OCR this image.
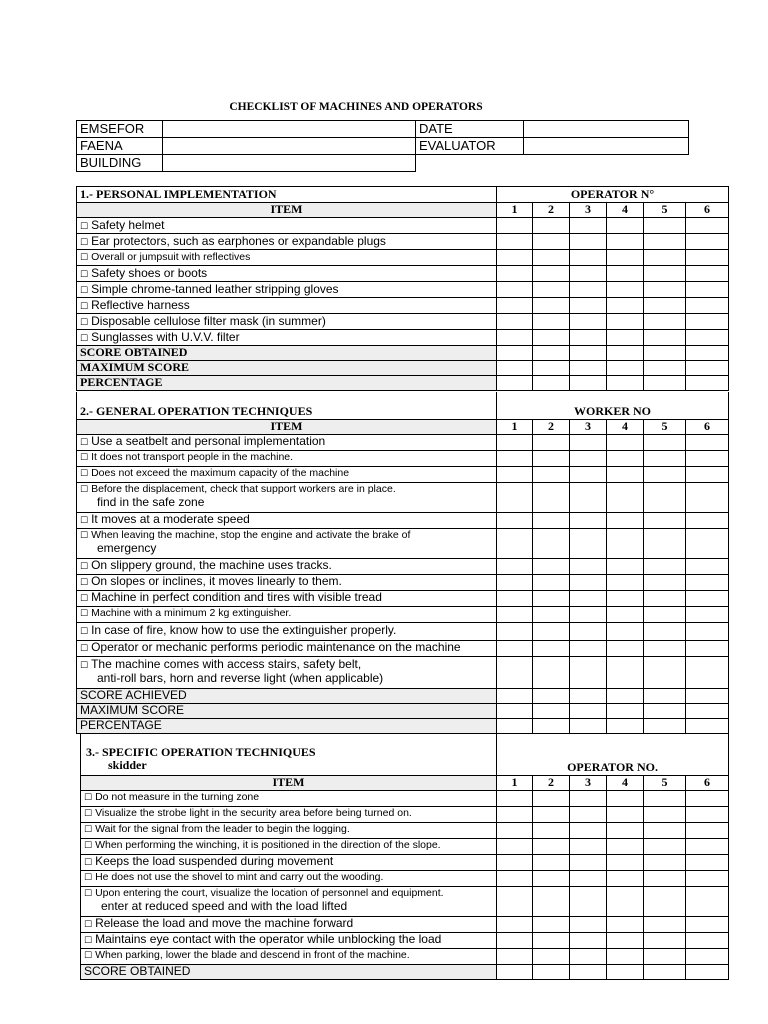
CHECKLIST OF MACHINES AND OPERATORS
EMSEFOR		DATE	
FAENA		EVALUATOR	
BUILDING			
1.- PERSONAL IMPLEMENTATION	OPERATOR N°					
ITEM	1	2	3	4	5	6
☐ Safety helmet						
☐ Ear protectors, such as earphones or expandable plugs						
☐ Overall or jumpsuit with reflectives						
☐ Safety shoes or boots						
☐ Simple chrome-tanned leather stripping gloves						
☐ Reflective harness						
☐ Disposable cellulose filter mask (in summer)						
☐ Sunglasses with U.V.V. filter						
SCORE OBTAINED						
MAXIMUM SCORE						
PERCENTAGE						
2.- GENERAL OPERATION TECHNIQUES	WORKER NO					
ITEM	1	2	3	4	5	6
☐ Use a seatbelt and personal implementation						
☐ It does not transport people in the machine.						
☐ Does not exceed the maximum capacity of the machine						
☐ Before the displacement, check that support workers are in place.
find in the safe zone						

☐ It moves at a moderate speed						
☐ When leaving the machine, stop the engine and activate the brake of
emergency						

☐ On slippery ground, the machine uses tracks.						
☐ On slopes or inclines, it moves linearly to them.						
☐ Machine in perfect condition and tires with visible tread						
☐ Machine with a minimum 2 kg extinguisher.						
☐ In case of fire, know how to use the extinguisher properly.						
☐ Operator or mechanic performs periodic maintenance on the machine						
☐ The machine comes with access stairs, safety belt,
anti-roll bars, horn and reverse light (when applicable)						

SCORE ACHIEVED						
MAXIMUM SCORE						
PERCENTAGE						
3.- SPECIFIC OPERATION TECHNIQUES
skidder	OPERATOR NO.					
ITEM	1	2	3	4	5	6
☐ Do not measure in the turning zone						
☐ Visualize the strobe light in the security area before being turned on.						
☐ Wait for the signal from the leader to begin the logging.						
☐ When performing the winching, it is positioned in the direction of the slope.						
☐ Keeps the load suspended during movement						
☐ He does not use the shovel to mint and carry out the wooding.						
☐ Upon entering the court, visualize the location of personnel and equipment.
enter at reduced speed and with the load lifted						

☐ Release the load and move the machine forward						
☐ Maintains eye contact with the operator while unblocking the load						
☐ When parking, lower the blade and descend in front of the machine.						
SCORE OBTAINED						
